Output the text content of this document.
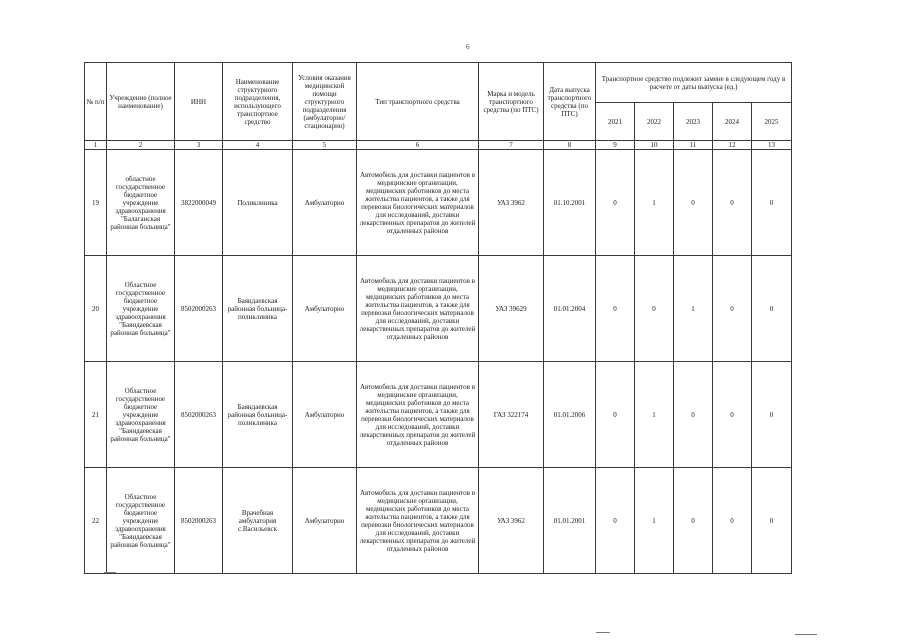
6
№ п/п	Учреждение (полное наименование)	ИНН	Наименование структурного подразделения, использующего транспортное средство	Условия оказания медицинской помощи структурного подразделения (амбулаторно/ стационарно)	Тип транспортного средства	Марка и модель транспортного средства (по ПТС)	Дата выпуска транспортного средства (по ПТС)	Транспортное средство подлежит замене в следующем году в расчете от даты выпуска (ед.)				
								2021	2022	2023	2024	2025
1	2	3	4	5	6	7	8	9	10	11	12	13
19	областное государственное бюджетное учреждение здравоохранения "Балаганская районная больница"	3822000049	Поликлиника	Амбулаторно	Автомобиль для доставки пациентов в медицинские организации, медицинских работников до места жительства пациентов, а также для перевозки биологических материалов для исследований, доставки лекарственных препаратов до жителей отдаленных районов	УАЗ 3962	01.10.2001	0	1	0	0	0
20	Областное государственное бюджетное учреждение здравоохранения "Баяндаевская районная больница"	8502000263	Баяндаевская районная больница-поликлиника	Амбулаторно	Автомобиль для доставки пациентов в медицинские организации, медицинских работников до места жительства пациентов, а также для перевозки биологических материалов для исследований, доставки лекарственных препаратов до жителей отдаленных районов	УАЗ 39629	01.01.2004	0	0	1	0	0
21	Областное государственное бюджетное учреждение здравоохранения "Баяндаевская районная больница"	8502000263	Баяндаевская районная больница-поликлиника	Амбулаторно	Автомобиль для доставки пациентов в медицинские организации, медицинских работников до места жительства пациентов, а также для перевозки биологических материалов для исследований, доставки лекарственных препаратов до жителей отдаленных районов	ГАЗ 322174	01.01.2006	0	1	0	0	0
22	Областное государственное бюджетное учреждение здравоохранения "Баяндаевская районная больница"	8502000263	Врачебная амбулатория с.Васильевск	Амбулаторно	Автомобиль для доставки пациентов в медицинские организации, медицинских работников до места жительства пациентов, а также для перевозки биологических материалов для исследований, доставки лекарственных препаратов до жителей отдаленных районов	УАЗ 3962	01.01.2001	0	1	0	0	0
